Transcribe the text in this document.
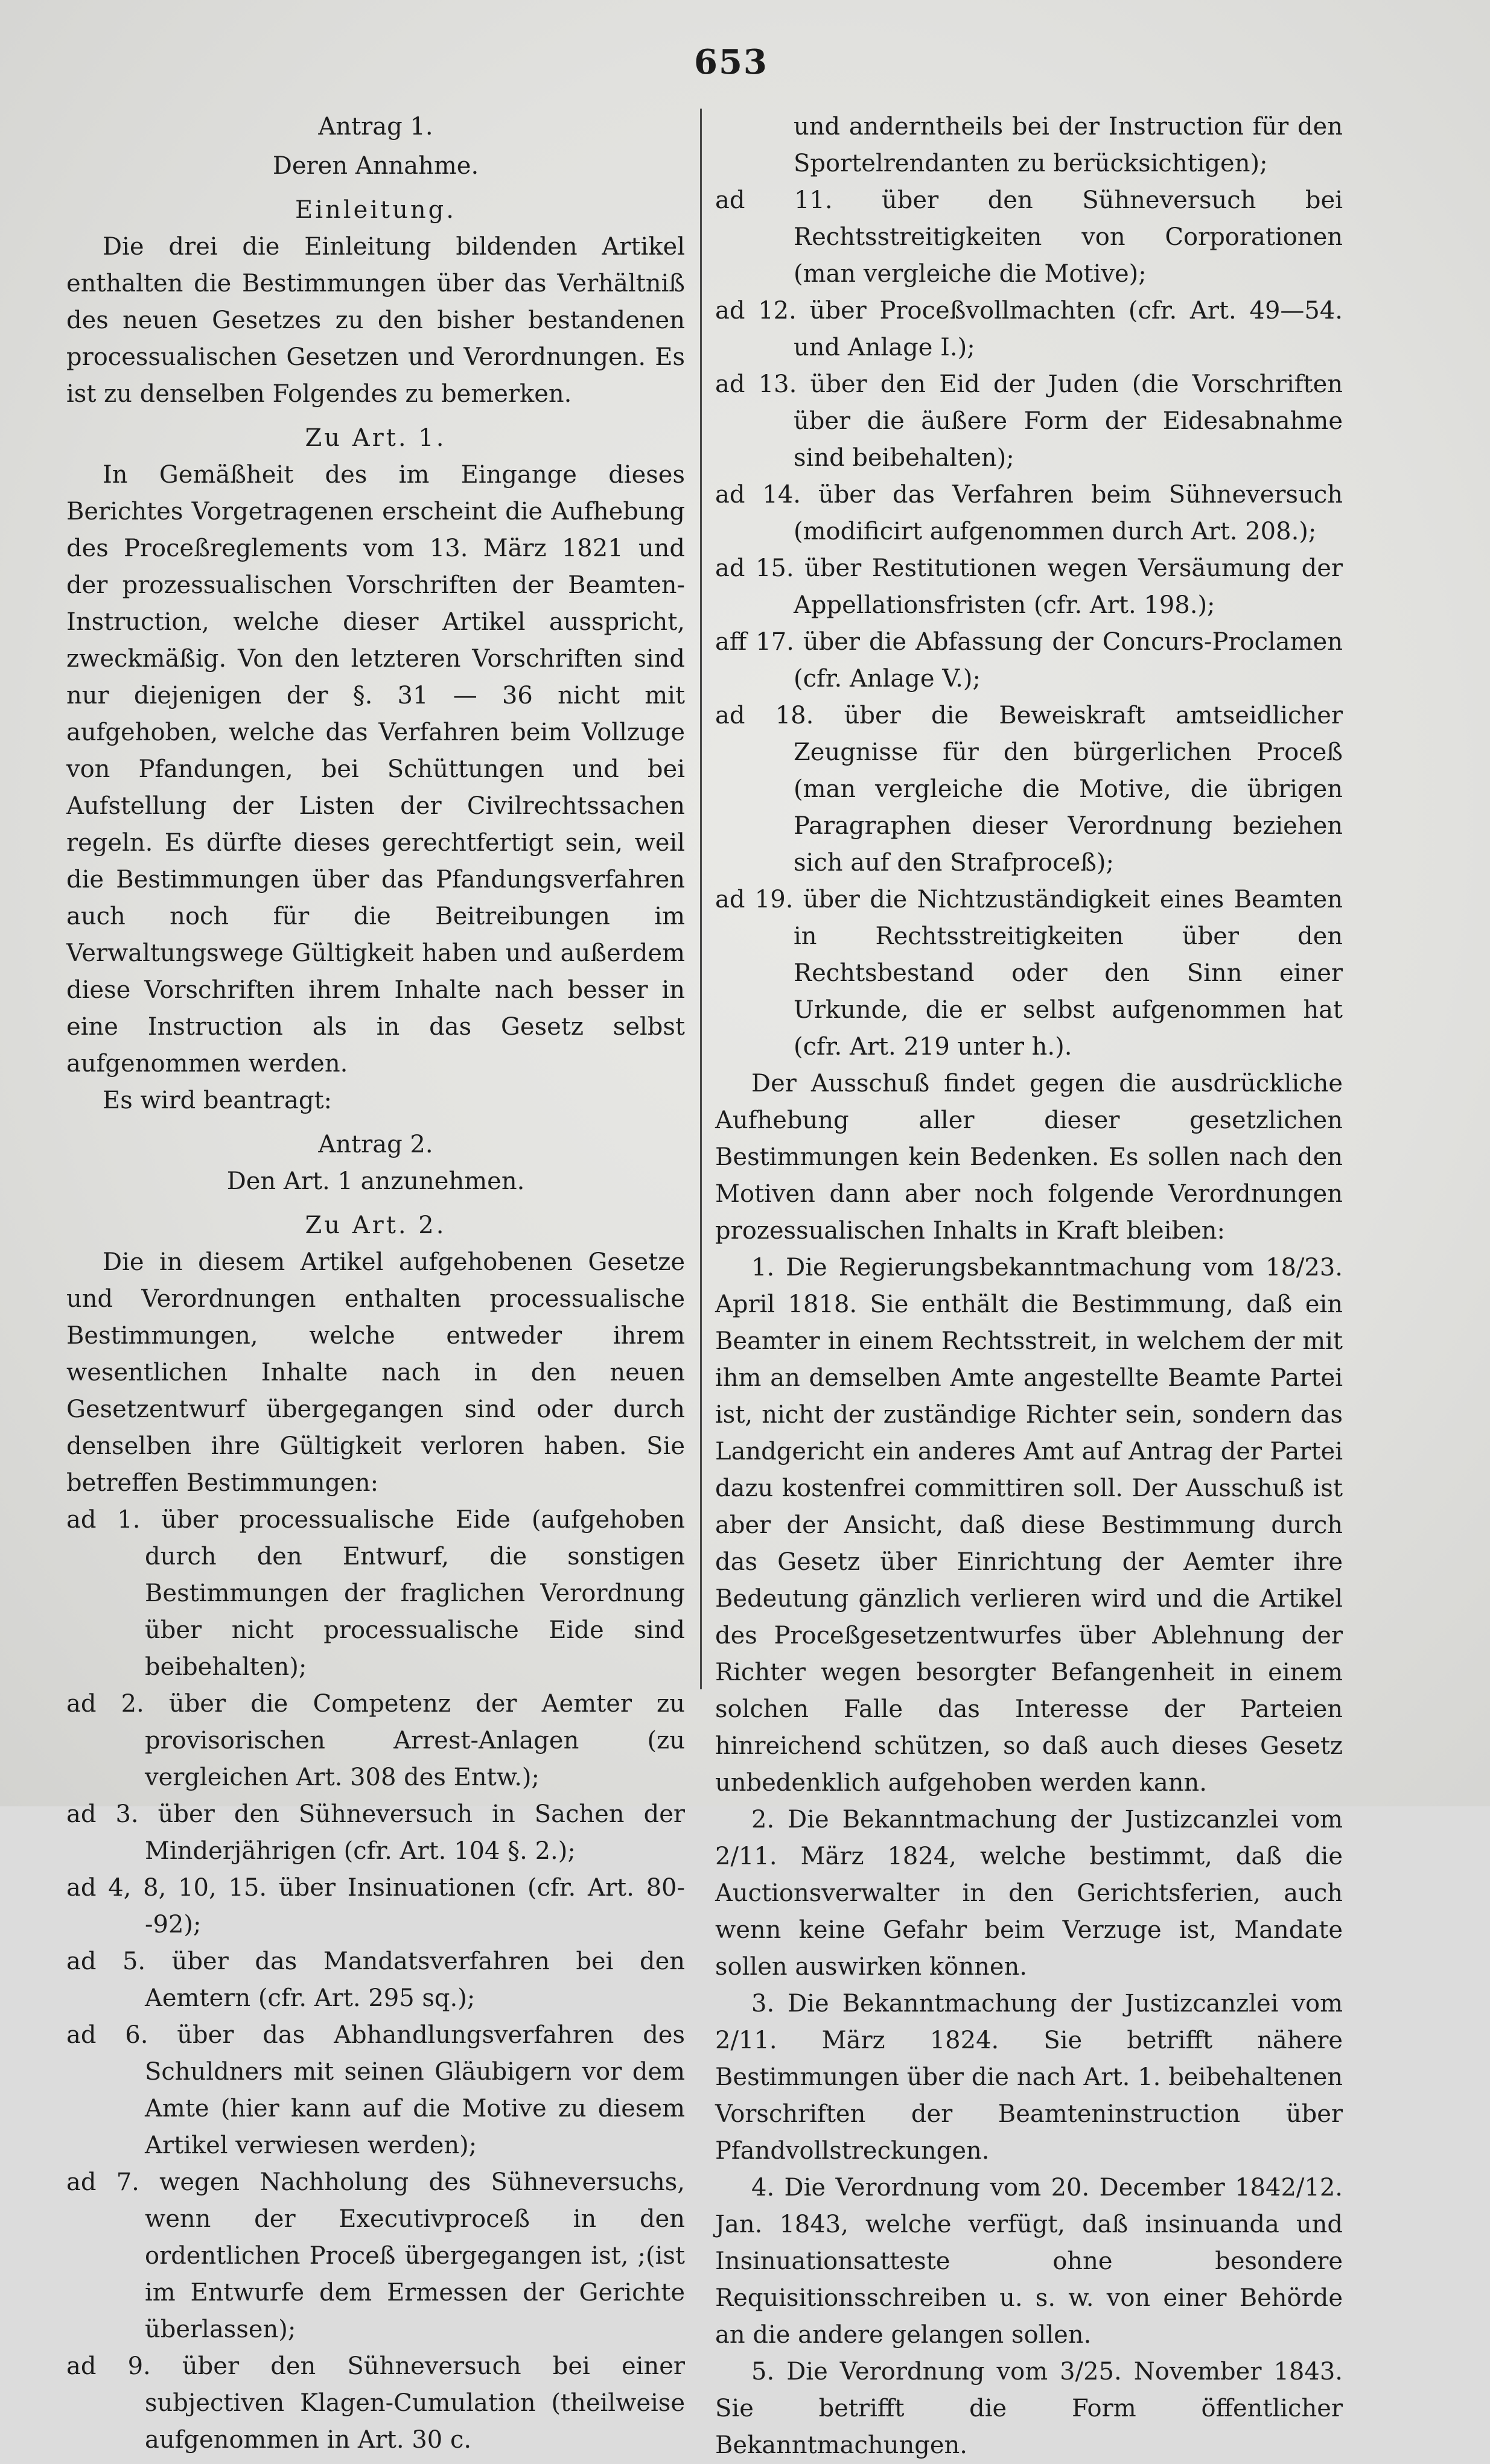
653

Antrag 1.

Deren Annahme.

Einleitung.

Die drei die Einleitung bildenden Artikel enthalten die Bestimmungen über das Verhältniß des neuen Gesetzes zu den bisher bestandenen processualischen Gesetzen und Verordnungen. Es ist zu denselben Folgendes zu bemerken.

Zu Art. 1.

In Gemäßheit des im Eingange dieses Berichtes Vorgetragenen erscheint die Aufhebung des Proceßreglements vom 13. März 1821 und der prozessualischen Vorschriften der Beamten-Instruction, welche dieser Artikel ausspricht, zweckmäßig. Von den letzteren Vorschriften sind nur diejenigen der §. 31 — 36 nicht mit aufgehoben, welche das Verfahren beim Vollzuge von Pfandungen, bei Schüttungen und bei Aufstellung der Listen der Civilrechtssachen regeln. Es dürfte dieses gerechtfertigt sein, weil die Bestimmungen über das Pfandungsverfahren auch noch für die Beitreibungen im Verwaltungswege Gültigkeit haben und außerdem diese Vorschriften ihrem Inhalte nach besser in eine Instruction als in das Gesetz selbst aufgenommen werden.

Es wird beantragt:

Antrag 2.

Den Art. 1 anzunehmen.

Zu Art. 2.

Die in diesem Artikel aufgehobenen Gesetze und Verordnungen enthalten processualische Bestimmungen, welche entweder ihrem wesentlichen Inhalte nach in den neuen Gesetzentwurf übergegangen sind oder durch denselben ihre Gültigkeit verloren haben. Sie betreffen Bestimmungen:

ad 1. über processualische Eide (aufgehoben durch den Entwurf, die sonstigen Bestimmungen der fraglichen Verordnung über nicht processualische Eide sind beibehalten);

ad 2. über die Competenz der Aemter zu provisorischen Arrest-Anlagen (zu vergleichen Art. 308 des Entw.);

ad 3. über den Sühneversuch in Sachen der Minderjährigen (cfr. Art. 104 §. 2.);

ad 4, 8, 10, 15. über Insinuationen (cfr. Art. 80--92);

ad 5. über das Mandatsverfahren bei den Aemtern (cfr. Art. 295 sq.);

ad 6. über das Abhandlungsverfahren des Schuldners mit seinen Gläubigern vor dem Amte (hier kann auf die Motive zu diesem Artikel verwiesen werden);

ad 7. wegen Nachholung des Sühneversuchs, wenn der Executivproceß in den ordentlichen Proceß übergegangen ist, ;(ist im Entwurfe dem Ermessen der Gerichte überlassen);

ad 9. über den Sühneversuch bei einer subjectiven Klagen-Cumulation (theilweise aufgenommen in Art. 30 c.

und anderntheils bei der Instruction für den Sportelrendanten zu berücksichtigen);

ad 11. über den Sühneversuch bei Rechtsstreitigkeiten von Corporationen (man vergleiche die Motive);

ad 12. über Proceßvollmachten (cfr. Art. 49—54. und Anlage I.);

ad 13. über den Eid der Juden (die Vorschriften über die äußere Form der Eidesabnahme sind beibehalten);

ad 14. über das Verfahren beim Sühneversuch (modificirt aufgenommen durch Art. 208.);

ad 15. über Restitutionen wegen Versäumung der Appellationsfristen (cfr. Art. 198.);

aff 17. über die Abfassung der Concurs-Proclamen (cfr. Anlage V.);

ad 18. über die Beweiskraft amtseidlicher Zeugnisse für den bürgerlichen Proceß (man vergleiche die Motive, die übrigen Paragraphen dieser Verordnung beziehen sich auf den Strafproceß);

ad 19. über die Nichtzuständigkeit eines Beamten in Rechtsstreitigkeiten über den Rechtsbestand oder den Sinn einer Urkunde, die er selbst aufgenommen hat (cfr. Art. 219 unter h.).

Der Ausschuß findet gegen die ausdrückliche Aufhebung aller dieser gesetzlichen Bestimmungen kein Bedenken. Es sollen nach den Motiven dann aber noch folgende Verordnungen prozessualischen Inhalts in Kraft bleiben:

1. Die Regierungsbekanntmachung vom 18/23. April 1818. Sie enthält die Bestimmung, daß ein Beamter in einem Rechtsstreit, in welchem der mit ihm an demselben Amte angestellte Beamte Partei ist, nicht der zuständige Richter sein, sondern das Landgericht ein anderes Amt auf Antrag der Partei dazu kostenfrei committiren soll. Der Ausschuß ist aber der Ansicht, daß diese Bestimmung durch das Gesetz über Einrichtung der Aemter ihre Bedeutung gänzlich verlieren wird und die Artikel des Proceßgesetzentwurfes über Ablehnung der Richter wegen besorgter Befangenheit in einem solchen Falle das Interesse der Parteien hinreichend schützen, so daß auch dieses Gesetz unbedenklich aufgehoben werden kann.

2. Die Bekanntmachung der Justizcanzlei vom 2/11. März 1824, welche bestimmt, daß die Auctionsverwalter in den Gerichtsferien, auch wenn keine Gefahr beim Verzuge ist, Mandate sollen auswirken können.

3. Die Bekanntmachung der Justizcanzlei vom 2/11. März 1824. Sie betrifft nähere Bestimmungen über die nach Art. 1. beibehaltenen Vorschriften der Beamteninstruction über Pfandvollstreckungen.

4. Die Verordnung vom 20. December 1842/12. Jan. 1843, welche verfügt, daß insinuanda und Insinuationsatteste ohne besondere Requisitionsschreiben u. s. w. von einer Behörde an die andere gelangen sollen.

5. Die Verordnung vom 3/25. November 1843. Sie betrifft die Form öffentlicher Bekanntmachungen.
